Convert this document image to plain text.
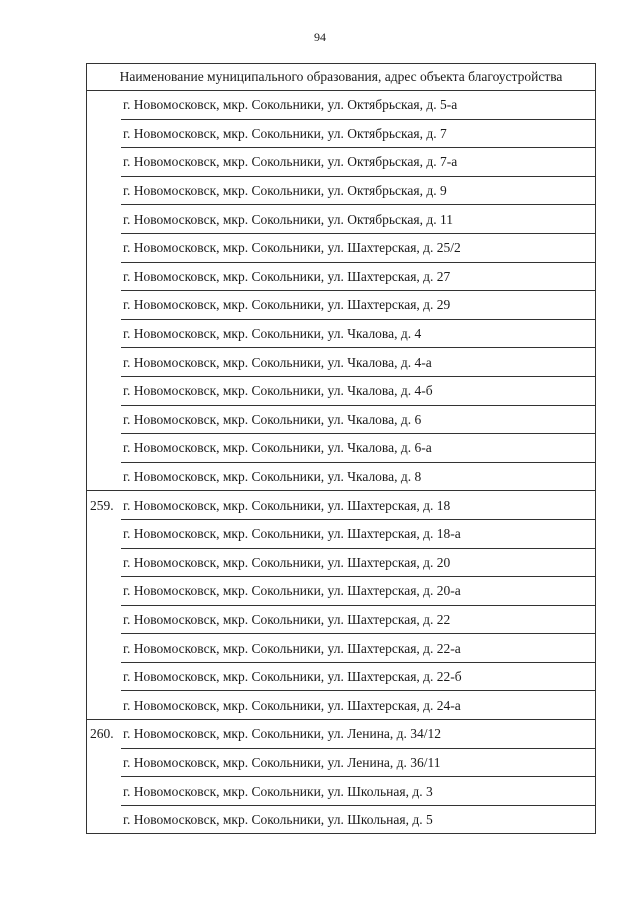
94
Наименование муниципального образования, адрес объекта благоустройства
г. Новомосковск, мкр. Сокольники, ул. Октябрьская, д. 5-а
г. Новомосковск, мкр. Сокольники, ул. Октябрьская, д. 7
г. Новомосковск, мкр. Сокольники, ул. Октябрьская, д. 7-а
г. Новомосковск, мкр. Сокольники, ул. Октябрьская, д. 9
г. Новомосковск, мкр. Сокольники, ул. Октябрьская, д. 11
г. Новомосковск, мкр. Сокольники, ул. Шахтерская, д. 25/2
г. Новомосковск, мкр. Сокольники, ул. Шахтерская, д. 27
г. Новомосковск, мкр. Сокольники, ул. Шахтерская, д. 29
г. Новомосковск, мкр. Сокольники, ул. Чкалова, д. 4
г. Новомосковск, мкр. Сокольники, ул. Чкалова, д. 4-а
г. Новомосковск, мкр. Сокольники, ул. Чкалова, д. 4-б
г. Новомосковск, мкр. Сокольники, ул. Чкалова, д. 6
г. Новомосковск, мкр. Сокольники, ул. Чкалова, д. 6-а
г. Новомосковск, мкр. Сокольники, ул. Чкалова, д. 8
259. г. Новомосковск, мкр. Сокольники, ул. Шахтерская, д. 18
г. Новомосковск, мкр. Сокольники, ул. Шахтерская, д. 18-а
г. Новомосковск, мкр. Сокольники, ул. Шахтерская, д. 20
г. Новомосковск, мкр. Сокольники, ул. Шахтерская, д. 20-а
г. Новомосковск, мкр. Сокольники, ул. Шахтерская, д. 22
г. Новомосковск, мкр. Сокольники, ул. Шахтерская, д. 22-а
г. Новомосковск, мкр. Сокольники, ул. Шахтерская, д. 22-б
г. Новомосковск, мкр. Сокольники, ул. Шахтерская, д. 24-а
260. г. Новомосковск, мкр. Сокольники, ул. Ленина, д. 34/12
г. Новомосковск, мкр. Сокольники, ул. Ленина, д. 36/11
г. Новомосковск, мкр. Сокольники, ул. Школьная, д. 3
г. Новомосковск, мкр. Сокольники, ул. Школьная, д. 5
